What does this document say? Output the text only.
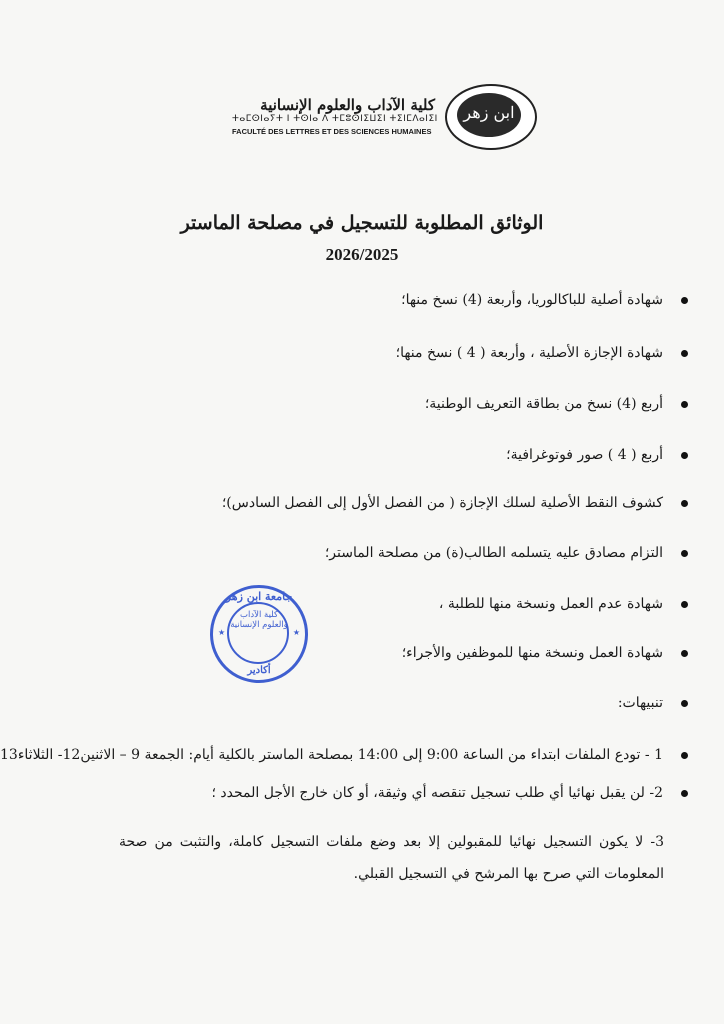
ابن زهر
كلية الآداب والعلوم الإنسانية
ⵜⴰⵎⵙⵏⴰⵢⵜ ⵏ ⵜⵙⵏⴰ ⴷ ⵜⵎⵓⵙⵏⵉⵡⵉⵏ ⵜⵉⵏⵎⴷⴰⵏⵉⵏ
FACULTÉ DES LETTRES ET DES SCIENCES HUMAINES
الوثائق المطلوبة للتسجيل في مصلحة الماستر
2026/2025
شهادة أصلية للباكالوريا، وأربعة (4) نسخ منها؛
شهادة الإجازة الأصلية ، وأربعة ( 4 ) نسخ منها؛
أربع (4) نسخ من بطاقة التعريف الوطنية؛
أربع ( 4 ) صور فوتوغرافية؛
كشوف النقط الأصلية لسلك الإجازة ( من الفصل الأول إلى الفصل السادس)؛
التزام مصادق عليه يتسلمه الطالب(ة) من مصلحة الماستر؛
شهادة عدم العمل ونسخة منها للطلبة ،
شهادة العمل ونسخة منها للموظفين والأجراء؛
تنبيهات:
1 - تودع الملفات ابتداء من الساعة 9:00 إلى 14:00 بمصلحة الماستر بالكلية أيام: الجمعة 9 – الاثنين12- الثلاثاء13
2- لن يقبل نهائيا أي طلب تسجيل تنقصه أي وثيقة، أو كان خارج الأجل المحدد ؛
3- لا يكون التسجيل نهائيا للمقبولين إلا بعد وضع ملفات التسجيل كاملة، والتثبت من صحة المعلومات التي صرح بها المرشح في التسجيل القبلي.
جامعة ابن زهر
كلية الآداب والعلوم الإنسانية
أكادير
★	★
